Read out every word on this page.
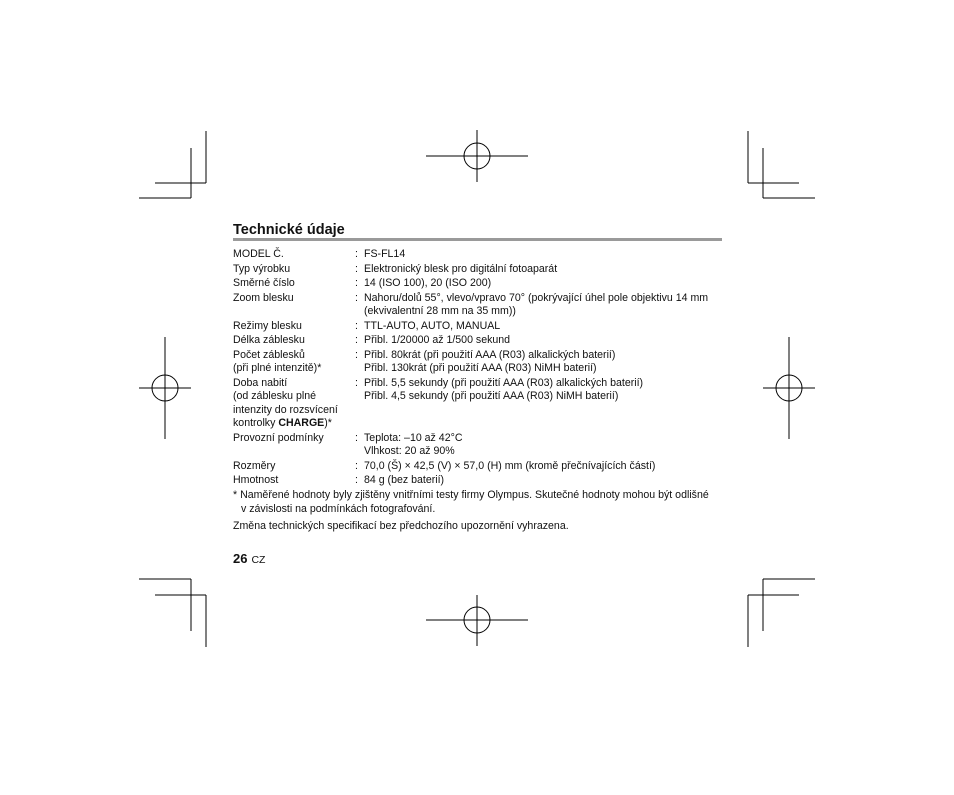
Technické údaje
MODEL Č.	:	FS-FL14

Typ výrobku	:	Elektronický blesk pro digitální fotoaparát

Směrné číslo	:	14 (ISO 100), 20 (ISO 200)

Zoom blesku	:	Nahoru/dolů 55°, vlevo/vpravo 70° (pokrývající úhel pole objektivu 14 mm
(ekvivalentní 28 mm na 35 mm))

Režimy blesku	:	TTL-AUTO, AUTO, MANUAL

Délka záblesku	:	Přibl. 1/20000 až 1/500 sekund

Počet záblesků
(při plné intenzitě)*	:	Přibl. 80krát (při použití AAA (R03) alkalických baterií)
Přibl. 130krát (při použití AAA (R03) NiMH baterií)

Doba nabití
(od záblesku plné
intenzity do rozsvícení
kontrolky CHARGE)*	:	Přibl. 5,5 sekundy (při použití AAA (R03) alkalických baterií)
Přibl. 4,5 sekundy (při použití AAA (R03) NiMH baterií)

Provozní podmínky	:	Teplota: –10 až 42°C
Vlhkost: 20 až 90%

Rozměry	:	70,0 (Š) × 42,5 (V) × 57,0 (H) mm (kromě přečnívajících částí)

Hmotnost	:	84 g (bez baterií)
* Naměřené hodnoty byly zjištěny vnitřními testy firmy Olympus. Skutečné hodnoty mohou být odlišné
v závislosti na podmínkách fotografování.
Změna technických specifikací bez předchozího upozornění vyhrazena.
26 CZ
